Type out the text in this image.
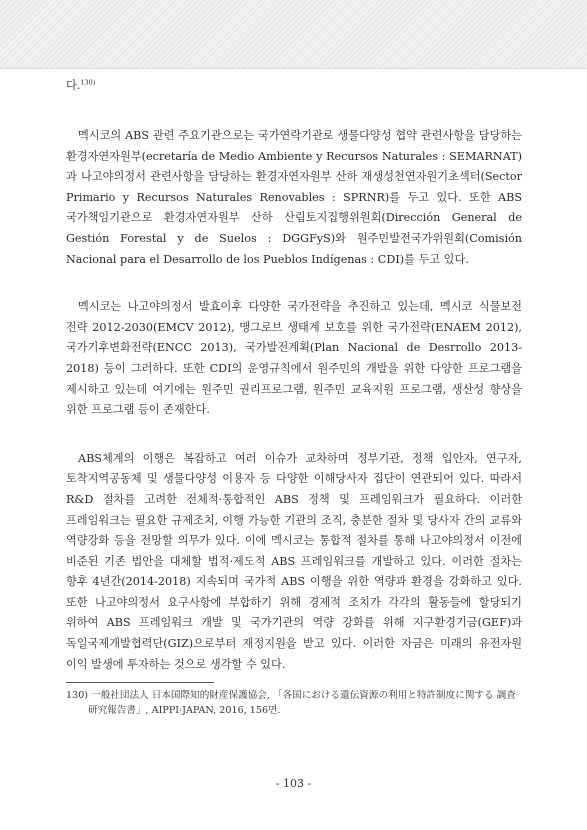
다.$^{130)}$

멕시코의 ABS 관련 주요기관으로는 국가연락기관로 생물다양성 협약 관련사항을 담당하는 환경자연자원부(ecretaría de Medio Ambiente y Recursos Naturales : SEMARNAT)과 나고야의정서 관련사항을 담당하는 환경자연자원부 산하 재생성천연자원기초섹터(Sector Primario y Recursos Naturales Renovables : SPRNR)를 두고 있다. 또한 ABS 국가책임기관으로 환경자연자원부 산하 산림토지집행위원회(Dirección General de Gestión Forestal y de Suelos : DGGFyS)와 원주민발전국가위원회(Comisión Nacional para el Desarrollo de los Pueblos Indígenas : CDI)를 두고 있다.

멕시코는 나고야의정서 발효이후 다양한 국가전략을 추진하고 있는데, 멕시코 식물보전 전략 2012-2030(EMCV 2012), 맹그로브 생태계 보호를 위한 국가전략(ENAEM 2012), 국가기후변화전략(ENCC 2013), 국가발전계획(Plan Nacional de Desrrollo 2013-2018) 등이 그러하다. 또한 CDI의 운영규칙에서 원주민의 개발을 위한 다양한 프로그램을 제시하고 있는데 여기에는 원주민 권리프로그램, 원주민 교육지원 프로그램, 생산성 향상을 위한 프로그램 등이 존재한다.

ABS체계의 이행은 복잡하고 여러 이슈가 교차하며 정부기관, 정책 입안자, 연구자, 토착지역공동체 및 생물다양성 이용자 등 다양한 이해당사자 집단이 연관되어 있다. 따라서 R&D 절차를 고려한 전체적·통합적인 ABS 정책 및 프레임워크가 필요하다. 이러한 프레임워크는 필요한 규제조치, 이행 가능한 기관의 조직, 충분한 절차 및 당사자 간의 교류와 역량강화 등을 전망할 의무가 있다. 이에 멕시코는 통합적 절차를 통해 나고야의정서 이전에 비준된 기존 법안을 대체할 법적·제도적 ABS 프레임워크를 개발하고 있다. 이러한 절차는 향후 4년간(2014-2018) 지속되며 국가적 ABS 이행을 위한 역량과 환경을 강화하고 있다. 또한 나고야의정서 요구사항에 부합하기 위해 경제적 조치가 각각의 활동들에 할당되기 위하여 ABS 프레임워크 개발 및 국가기관의 역량 강화를 위해 지구환경기금(GEF)과 독일국제개발협력단(GIZ)으로부터 재정지원을 받고 있다. 이러한 자금은 미래의 유전자원 이익 발생에 투자하는 것으로 생각할 수 있다.

130) 一般社団法人 日本国際知的財産保護協会, 「各国における遺伝資源の利用と特許制度に関する 調査研究報告書」, AIPPI·JAPAN, 2016, 156면.
- 103 -
